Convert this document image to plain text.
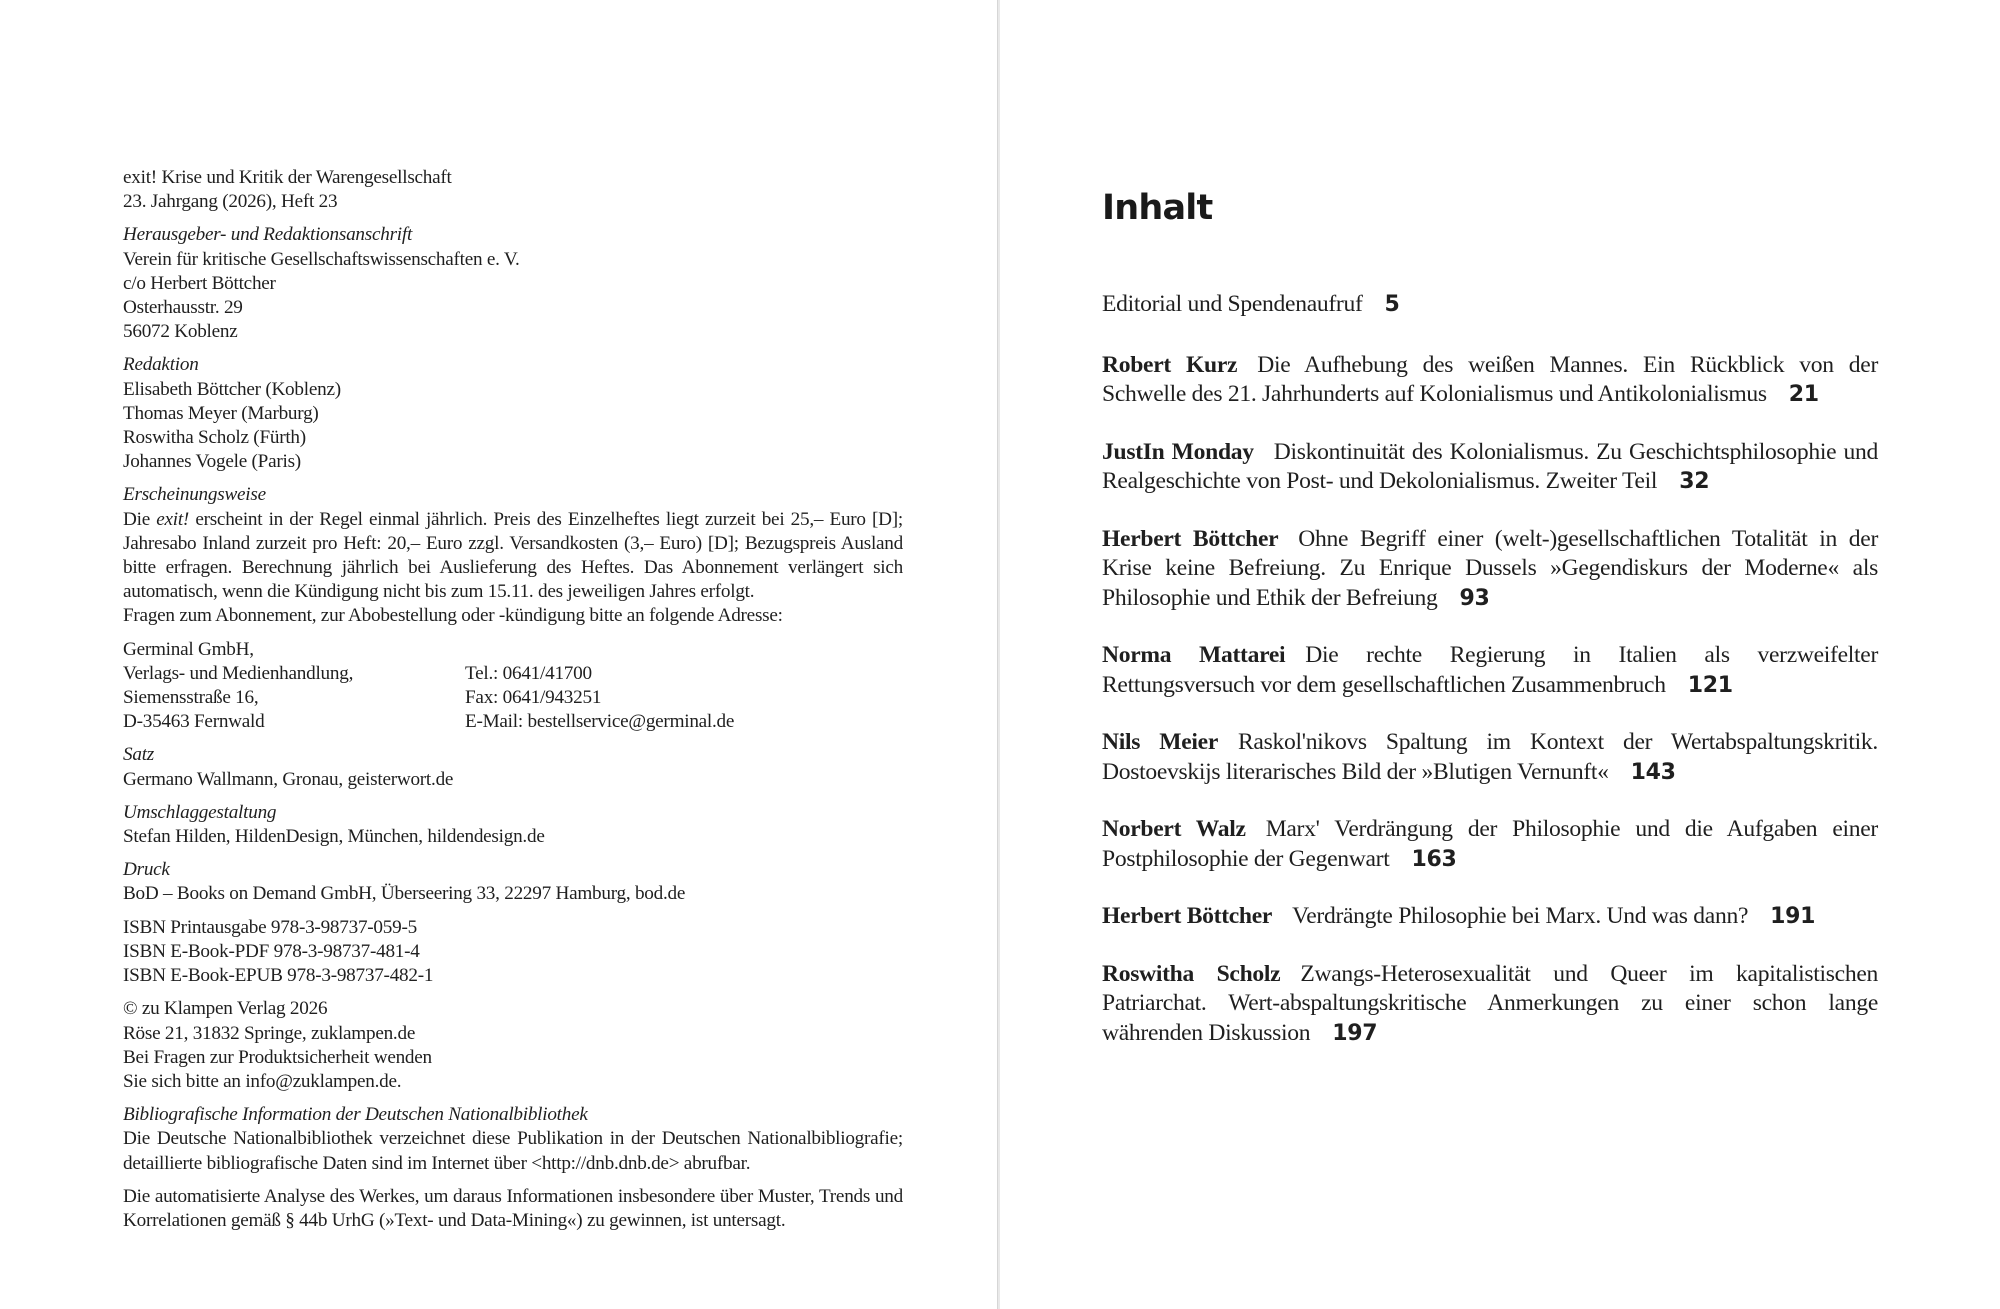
exit! Krise und Kritik der Warengesellschaft

23. Jahrgang (2026), Heft 23

Herausgeber- und Redaktionsanschrift

Verein für kritische Gesellschaftswissenschaften e. V.

c/o Herbert Böttcher

Osterhausstr. 29

56072 Koblenz

Redaktion

Elisabeth Böttcher (Koblenz)

Thomas Meyer (Marburg)

Roswitha Scholz (Fürth)

Johannes Vogele (Paris)

Erscheinungsweise

Die exit! erscheint in der Regel einmal jährlich. Preis des Einzelheftes liegt zurzeit bei 25,– Euro [D]; Jahresabo Inland zurzeit pro Heft: 20,– Euro zzgl. Versandkosten (3,– Euro) [D]; Bezugspreis Ausland bitte erfragen. Berechnung jährlich bei Auslieferung des Heftes. Das Abonnement verlängert sich automatisch, wenn die Kündigung nicht bis zum 15.11. des jeweiligen Jahres erfolgt.

Fragen zum Abonnement, zur Abobestellung oder -kündigung bitte an folgende Adresse:

Germinal GmbH,

Verlags- und Medienhandlung,

Siemensstraße 16,

D-35463 Fernwald

Tel.: 0641/41700

Fax: 0641/943251

E-Mail: bestellservice@germinal.de

Satz

Germano Wallmann, Gronau, geisterwort.de

Umschlaggestaltung

Stefan Hilden, HildenDesign, München, hildendesign.de

Druck

BoD – Books on Demand GmbH, Überseering 33, 22297 Hamburg, bod.de

ISBN Printausgabe 978-3-98737-059-5

ISBN E-Book-PDF 978-3-98737-481-4

ISBN E-Book-EPUB 978-3-98737-482-1

© zu Klampen Verlag 2026

Röse 21, 31832 Springe, zuklampen.de

Bei Fragen zur Produktsicherheit wenden

Sie sich bitte an info@zuklampen.de.

Bibliografische Information der Deutschen Nationalbibliothek

Die Deutsche Nationalbibliothek verzeichnet diese Publikation in der Deutschen Nationalbibliografie; detaillierte bibliografische Daten sind im Internet über <http://dnb.dnb.de> abrufbar.

Die automatisierte Analyse des Werkes, um daraus Informationen insbesondere über Muster, Trends und Korrelationen gemäß § 44b UrhG (»Text- und Data-Mining«) zu gewinnen, ist untersagt.

Inhalt

Editorial und Spendenaufruf 5

Robert Kurz Die Aufhebung des weißen Mannes. Ein Rückblick von der Schwelle des 21. Jahrhunderts auf Kolonialismus und Antikolonialismus 21

JustIn Monday Diskontinuität des Kolonialismus. Zu Geschichtsphilosophie und Realgeschichte von Post- und Dekolonialismus. Zweiter Teil 32

Herbert Böttcher Ohne Begriff einer (welt-)gesellschaftlichen Totalität in der Krise keine Befreiung. Zu Enrique Dussels »Gegendiskurs der Moderne« als Philosophie und Ethik der Befreiung 93

Norma Mattarei Die rechte Regierung in Italien als verzweifelter Rettungsversuch vor dem gesellschaftlichen Zusammenbruch 121

Nils Meier Raskol'nikovs Spaltung im Kontext der Wertabspaltungskritik. Dostoevskijs literarisches Bild der »Blutigen Vernunft« 143

Norbert Walz Marx' Verdrängung der Philosophie und die Aufgaben einer Postphilosophie der Gegenwart 163

Herbert Böttcher Verdrängte Philosophie bei Marx. Und was dann? 191

Roswitha Scholz Zwangs-Heterosexualität und Queer im kapitalistischen Patriarchat. Wert-abspaltungskritische Anmerkungen zu einer schon lange währenden Diskussion 197
